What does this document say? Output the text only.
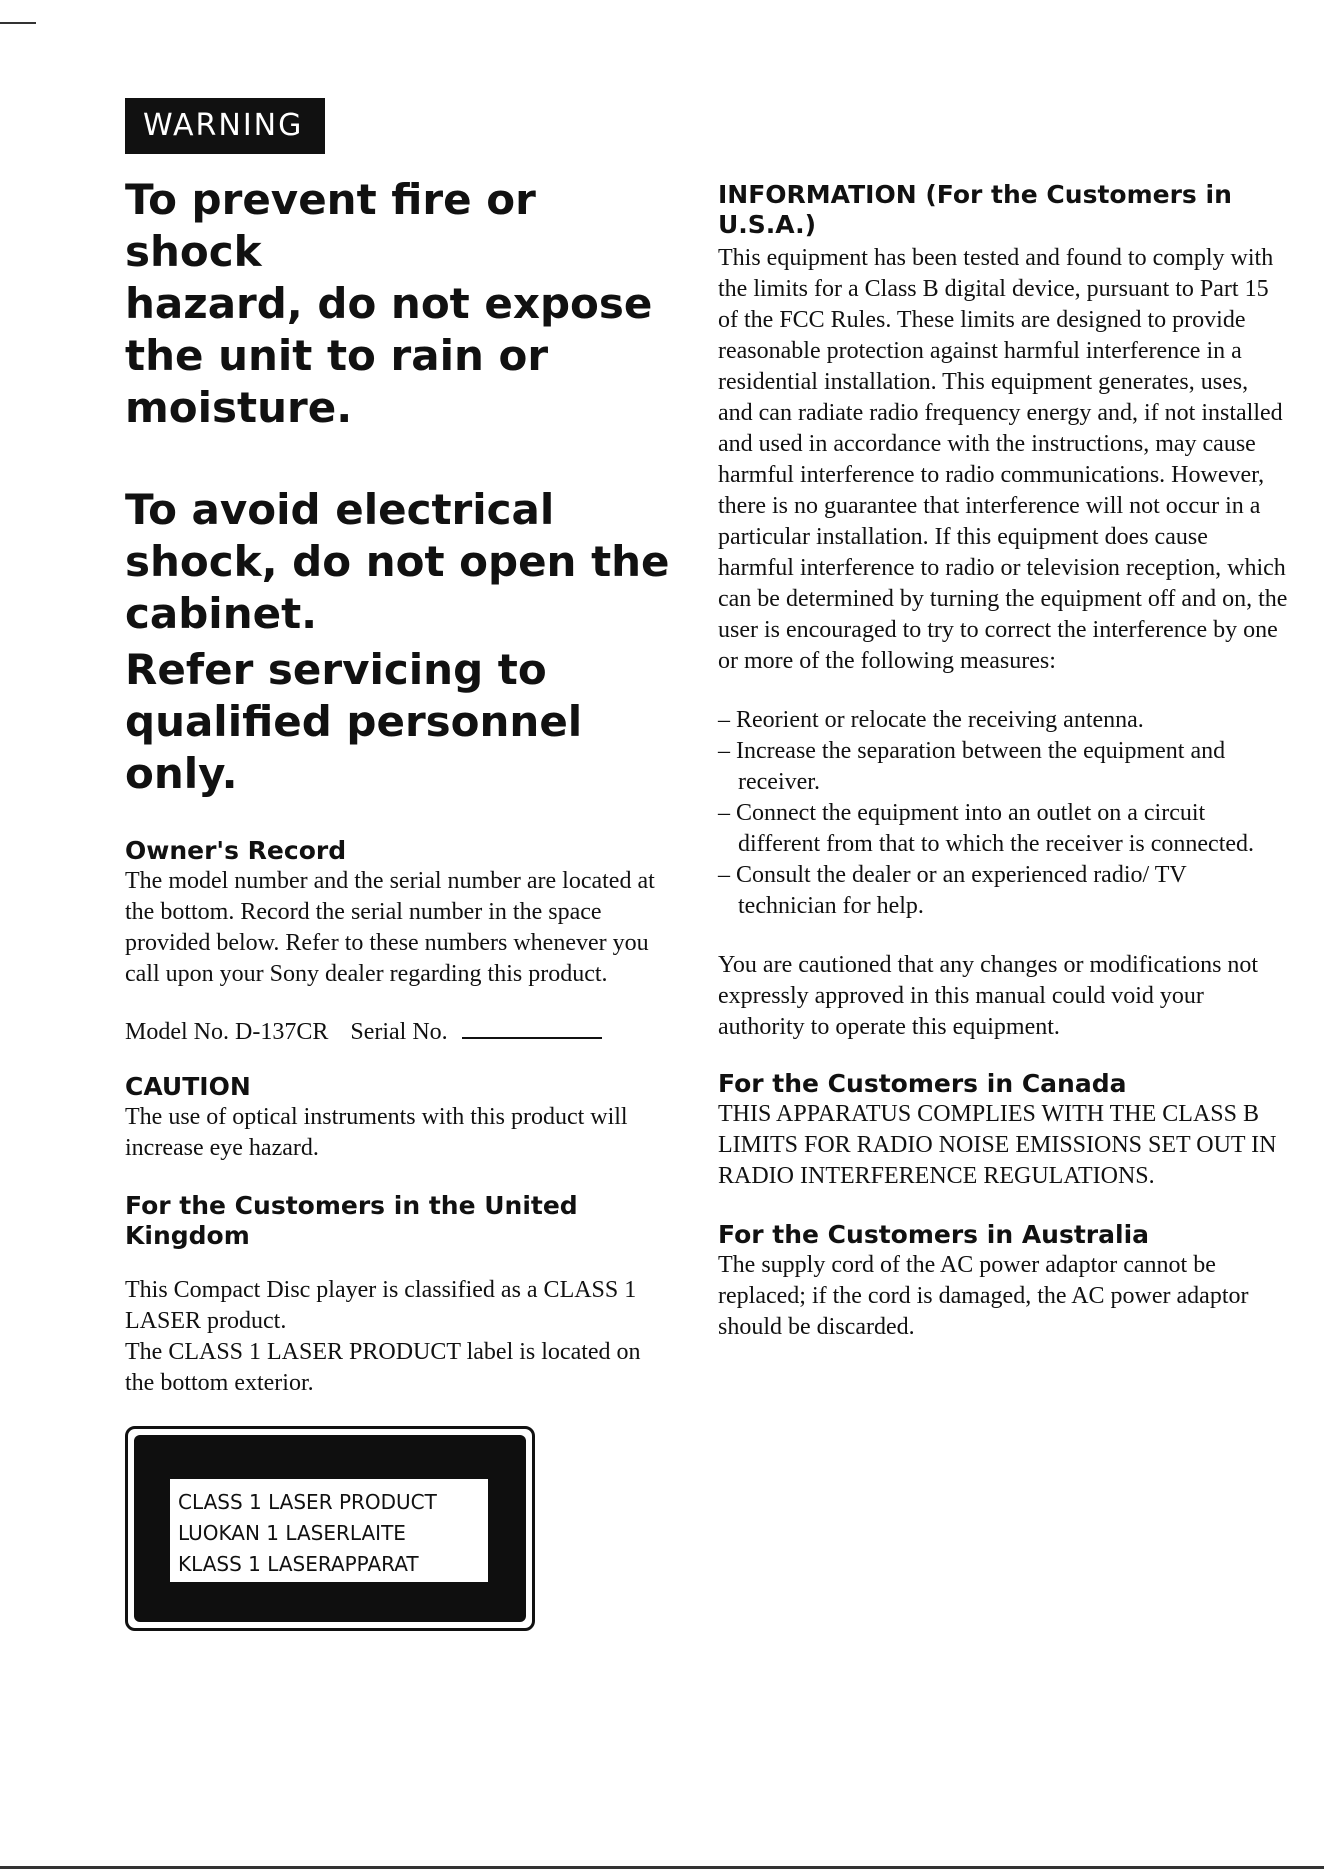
WARNING

To prevent fire or shock

hazard, do not expose

the unit to rain or

moisture.

To avoid electrical

shock, do not open the

cabinet.

Refer servicing to

qualified personnel

only.

Owner's Record

The model number and the serial number are located at the bottom. Record the serial number in the space provided below. Refer to these numbers whenever you call upon your Sony dealer regarding this product.

Model No. D-137CR Serial No.
CAUTION

The use of optical instruments with this product will increase eye hazard.

For the Customers in the United Kingdom

This Compact Disc player is classified as a CLASS 1 LASER product.

The CLASS 1 LASER PRODUCT label is located on the bottom exterior.

CLASS 1 LASER PRODUCT
LUOKAN 1 LASERLAITE
KLASS 1 LASERAPPARAT
INFORMATION (For the Customers in U.S.A.)

This equipment has been tested and found to comply with the limits for a Class B digital device, pursuant to Part 15 of the FCC Rules. These limits are designed to provide reasonable protection against harmful interference in a residential installation. This equipment generates, uses, and can radiate radio frequency energy and, if not installed and used in accordance with the instructions, may cause harmful interference to radio communications. However, there is no guarantee that interference will not occur in a particular installation. If this equipment does cause harmful interference to radio or television reception, which can be determined by turning the equipment off and on, the user is encouraged to try to correct the interference by one or more of the following measures:

– Reorient or relocate the receiving antenna.
– Increase the separation between the equipment and receiver.
– Connect the equipment into an outlet on a circuit different from that to which the receiver is connected.
– Consult the dealer or an experienced radio/ TV technician for help.

You are cautioned that any changes or modifications not expressly approved in this manual could void your authority to operate this equipment.

For the Customers in Canada

THIS APPARATUS COMPLIES WITH THE CLASS B LIMITS FOR RADIO NOISE EMISSIONS SET OUT IN RADIO INTERFERENCE REGULATIONS.

For the Customers in Australia

The supply cord of the AC power adaptor cannot be replaced; if the cord is damaged, the AC power adaptor should be discarded.
